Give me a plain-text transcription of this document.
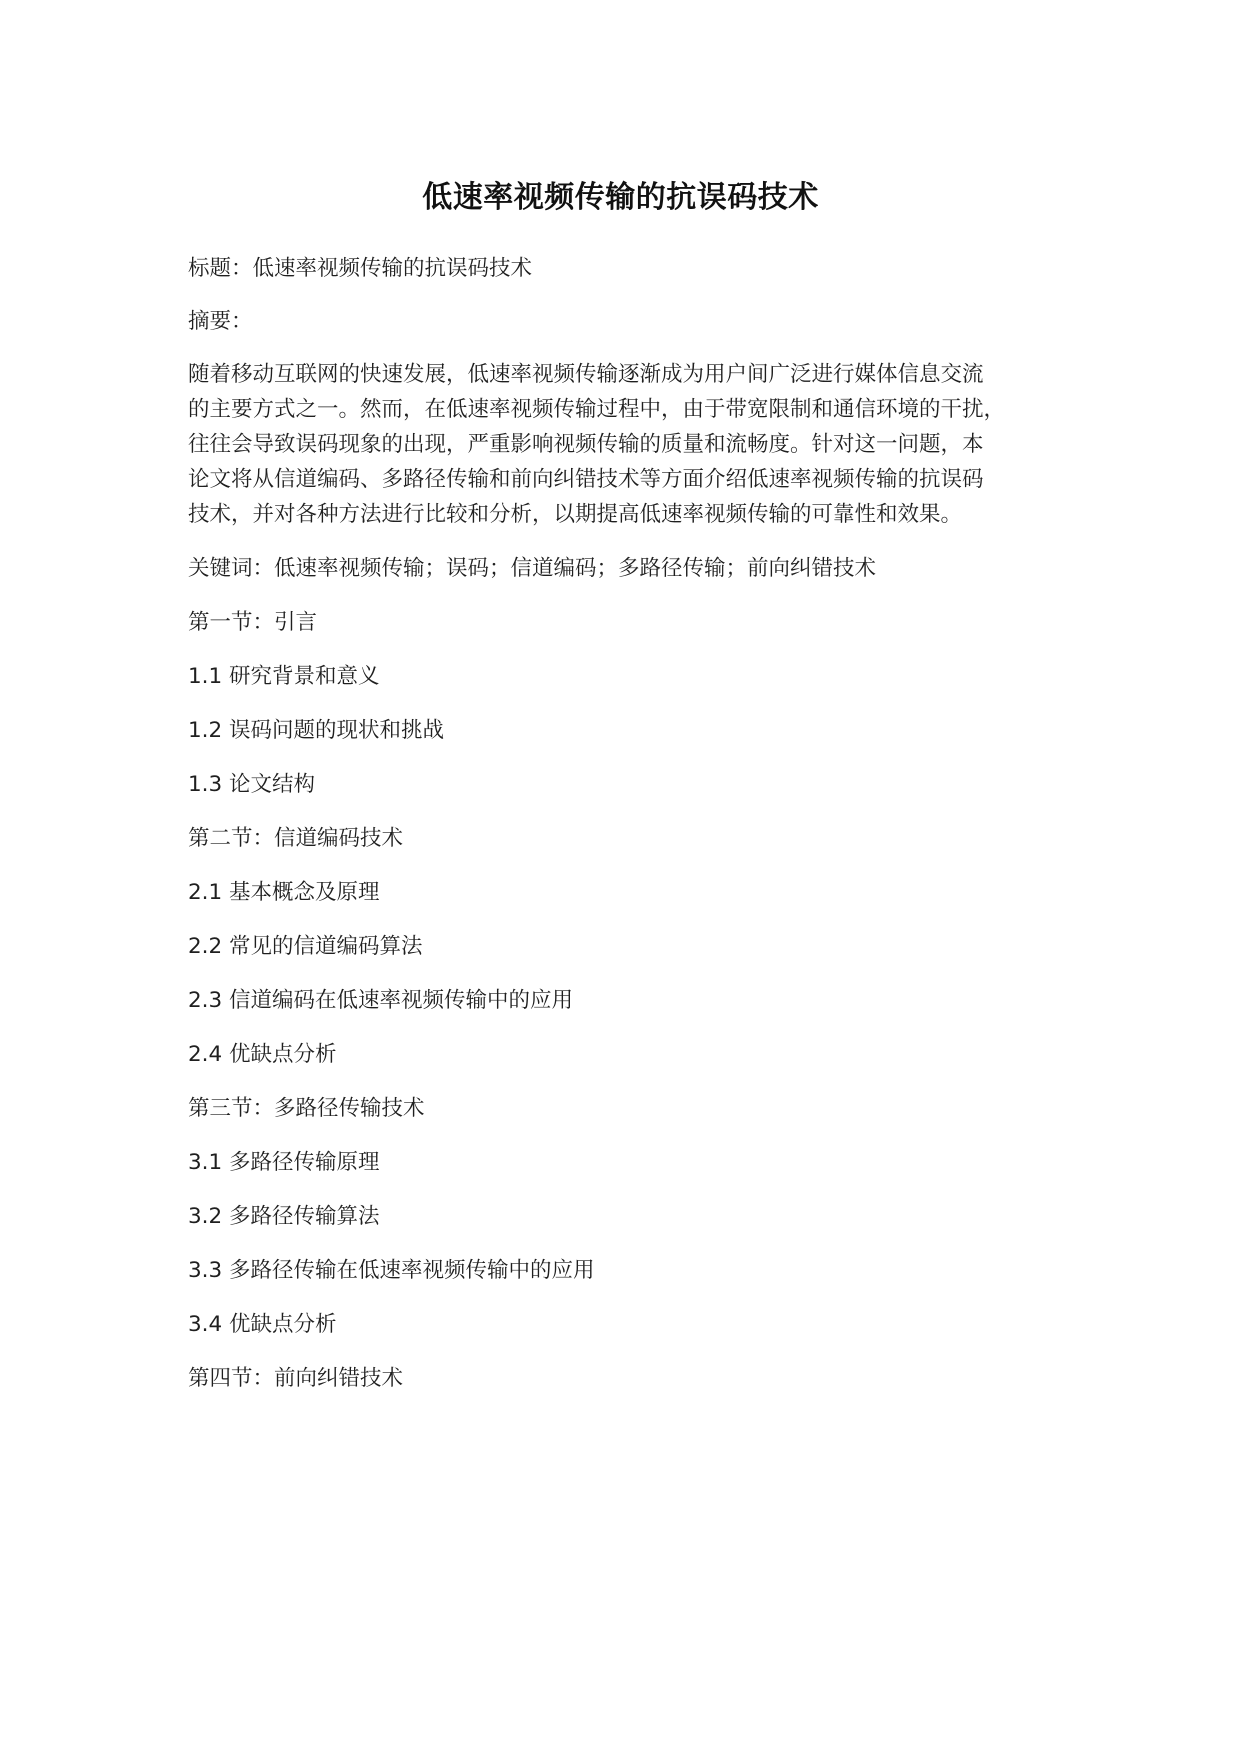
低速率视频传输的抗误码技术
标题：低速率视频传输的抗误码技术
摘要：
随着移动互联网的快速发展，低速率视频传输逐渐成为用户间广泛进行媒体信息交流
的主要方式之一。然而，在低速率视频传输过程中，由于带宽限制和通信环境的干扰，
往往会导致误码现象的出现，严重影响视频传输的质量和流畅度。针对这一问题，本
论文将从信道编码、多路径传输和前向纠错技术等方面介绍低速率视频传输的抗误码
技术，并对各种方法进行比较和分析，以期提高低速率视频传输的可靠性和效果。
关键词：低速率视频传输；误码；信道编码；多路径传输；前向纠错技术
第一节：引言
1.1 研究背景和意义
1.2 误码问题的现状和挑战
1.3 论文结构
第二节：信道编码技术
2.1 基本概念及原理
2.2 常见的信道编码算法
2.3 信道编码在低速率视频传输中的应用
2.4 优缺点分析
第三节：多路径传输技术
3.1 多路径传输原理
3.2 多路径传输算法
3.3 多路径传输在低速率视频传输中的应用
3.4 优缺点分析
第四节：前向纠错技术
